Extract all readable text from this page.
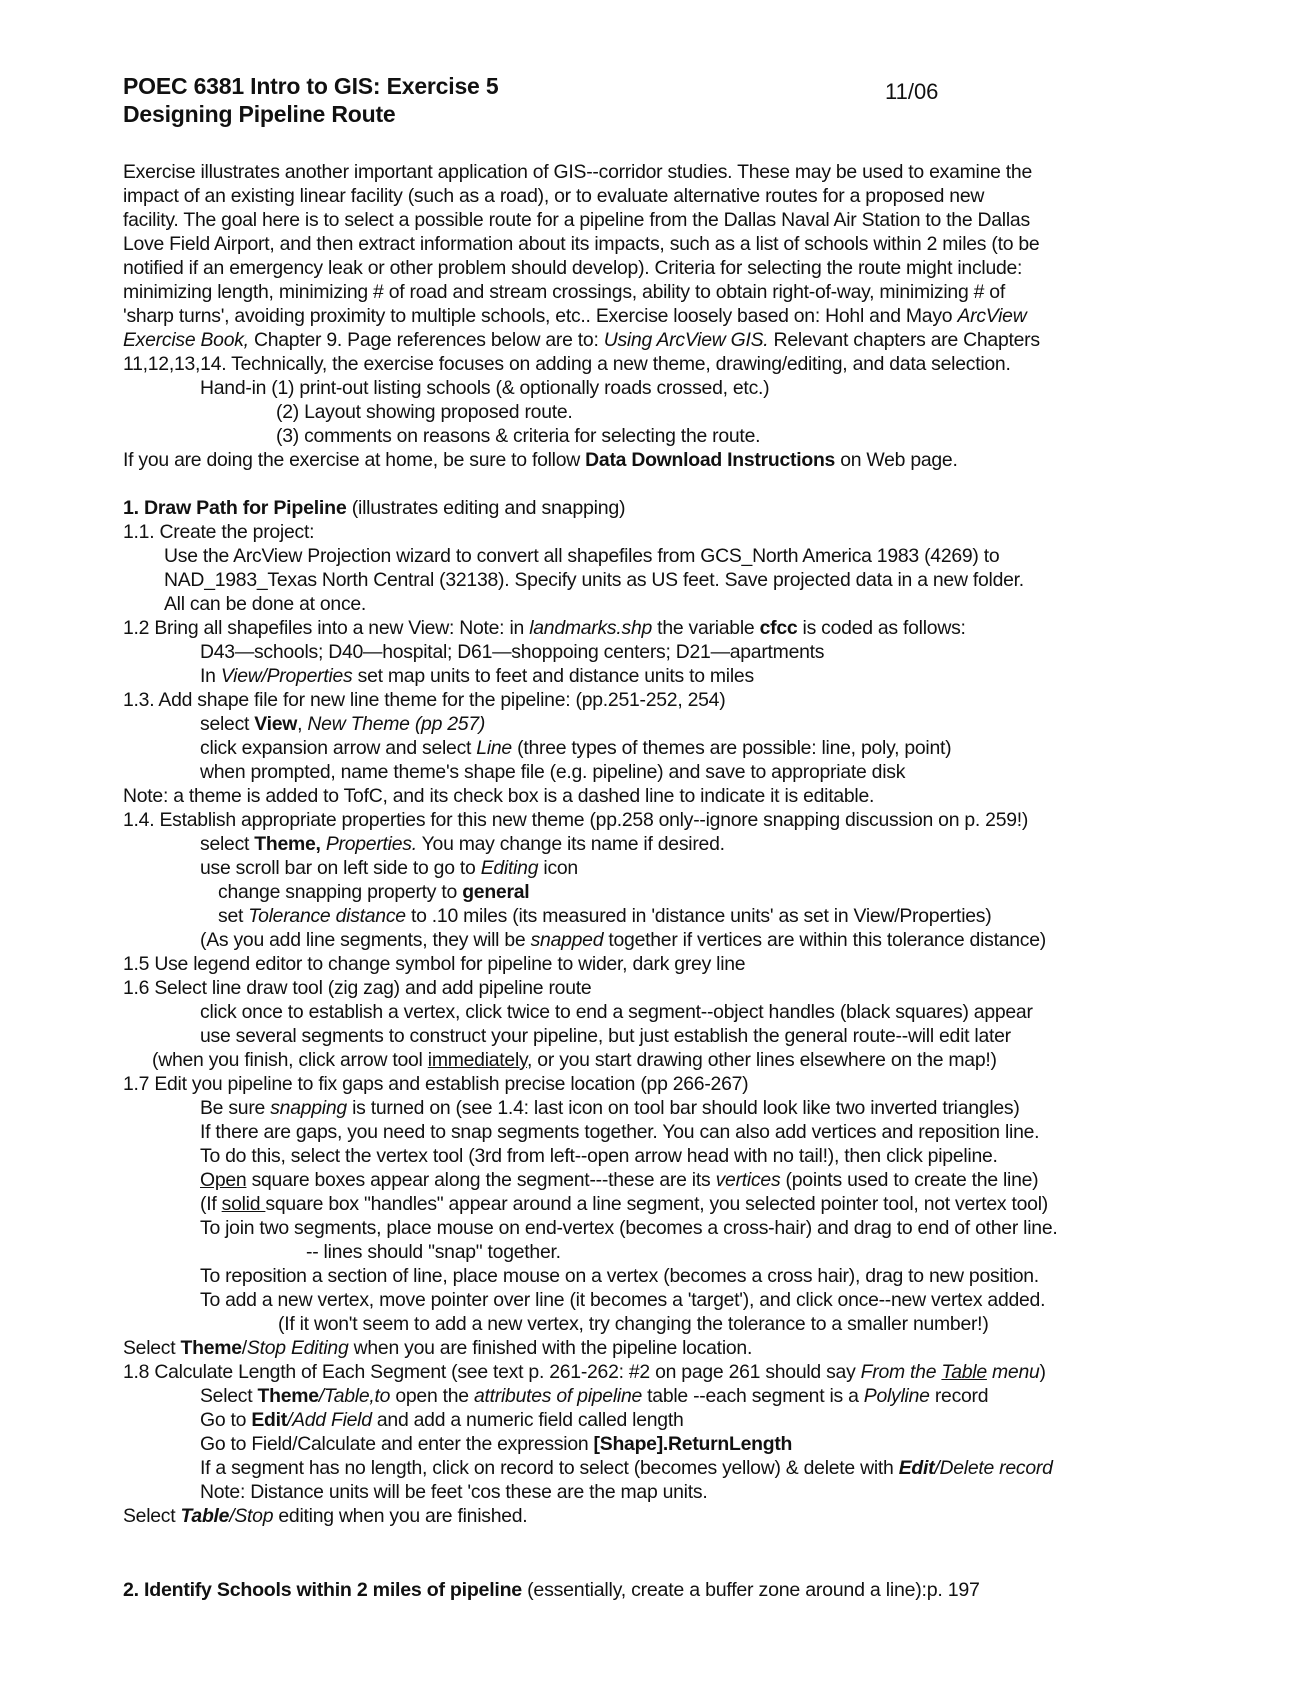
POEC 6381 Intro to GIS: Exercise 5	11/06
Designing Pipeline Route
Exercise illustrates another important application of GIS--corridor studies. These may be used to examine the
impact of an existing linear facility (such as a road), or to evaluate alternative routes for a proposed new
facility. The goal here is to select a possible route for a pipeline from the Dallas Naval Air Station to the Dallas
Love Field Airport, and then extract information about its impacts, such as a list of schools within 2 miles (to be
notified if an emergency leak or other problem should develop). Criteria for selecting the route might include:
minimizing length, minimizing # of road and stream crossings, ability to obtain right-of-way, minimizing # of
'sharp turns', avoiding proximity to multiple schools, etc.. Exercise loosely based on: Hohl and Mayo ArcView
Exercise Book, Chapter 9. Page references below are to: Using ArcView GIS. Relevant chapters are Chapters
11,12,13,14. Technically, the exercise focuses on adding a new theme, drawing/editing, and data selection.
Hand-in (1) print-out listing schools (& optionally roads crossed, etc.)
(2) Layout showing proposed route.
(3) comments on reasons & criteria for selecting the route.
If you are doing the exercise at home, be sure to follow Data Download Instructions on Web page.
1. Draw Path for Pipeline (illustrates editing and snapping)
1.1. Create the project:
Use the ArcView Projection wizard to convert all shapefiles from GCS_North America 1983 (4269) to
NAD_1983_Texas North Central (32138). Specify units as US feet. Save projected data in a new folder.
All can be done at once.
1.2 Bring all shapefiles into a new View: Note: in landmarks.shp the variable cfcc is coded as follows:
D43—schools; D40—hospital; D61—shoppoing centers; D21—apartments
In View/Properties set map units to feet and distance units to miles
1.3. Add shape file for new line theme for the pipeline: (pp.251-252, 254)
select View, New Theme (pp 257)
click expansion arrow and select Line (three types of themes are possible: line, poly, point)
when prompted, name theme's shape file (e.g. pipeline) and save to appropriate disk
Note: a theme is added to TofC, and its check box is a dashed line to indicate it is editable.
1.4. Establish appropriate properties for this new theme (pp.258 only--ignore snapping discussion on p. 259!)
select Theme, Properties. You may change its name if desired.
use scroll bar on left side to go to Editing icon
change snapping property to general
set Tolerance distance to .10 miles (its measured in 'distance units' as set in View/Properties)
(As you add line segments, they will be snapped together if vertices are within this tolerance distance)
1.5 Use legend editor to change symbol for pipeline to wider, dark grey line
1.6 Select line draw tool (zig zag) and add pipeline route
click once to establish a vertex, click twice to end a segment--object handles (black squares) appear
use several segments to construct your pipeline, but just establish the general route--will edit later
(when you finish, click arrow tool immediately, or you start drawing other lines elsewhere on the map!)
1.7 Edit you pipeline to fix gaps and establish precise location (pp 266-267)
Be sure snapping is turned on (see 1.4: last icon on tool bar should look like two inverted triangles)
If there are gaps, you need to snap segments together. You can also add vertices and reposition line.
To do this, select the vertex tool (3rd from left--open arrow head with no tail!), then click pipeline.
Open square boxes appear along the segment---these are its vertices (points used to create the line)
(If solid square box "handles" appear around a line segment, you selected pointer tool, not vertex tool)
To join two segments, place mouse on end-vertex (becomes a cross-hair) and drag to end of other line.
-- lines should "snap" together.
To reposition a section of line, place mouse on a vertex (becomes a cross hair), drag to new position.
To add a new vertex, move pointer over line (it becomes a 'target'), and click once--new vertex added.
(If it won't seem to add a new vertex, try changing the tolerance to a smaller number!)
Select Theme/Stop Editing when you are finished with the pipeline location.
1.8 Calculate Length of Each Segment (see text p. 261-262: #2 on page 261 should say From the Table menu)
Select Theme/Table,to open the attributes of pipeline table --each segment is a Polyline record
Go to Edit/Add Field and add a numeric field called length
Go to Field/Calculate and enter the expression [Shape].ReturnLength
If a segment has no length, click on record to select (becomes yellow) & delete with Edit/Delete record
Note: Distance units will be feet 'cos these are the map units.
Select Table/Stop editing when you are finished.
2. Identify Schools within 2 miles of pipeline (essentially, create a buffer zone around a line):p. 197
